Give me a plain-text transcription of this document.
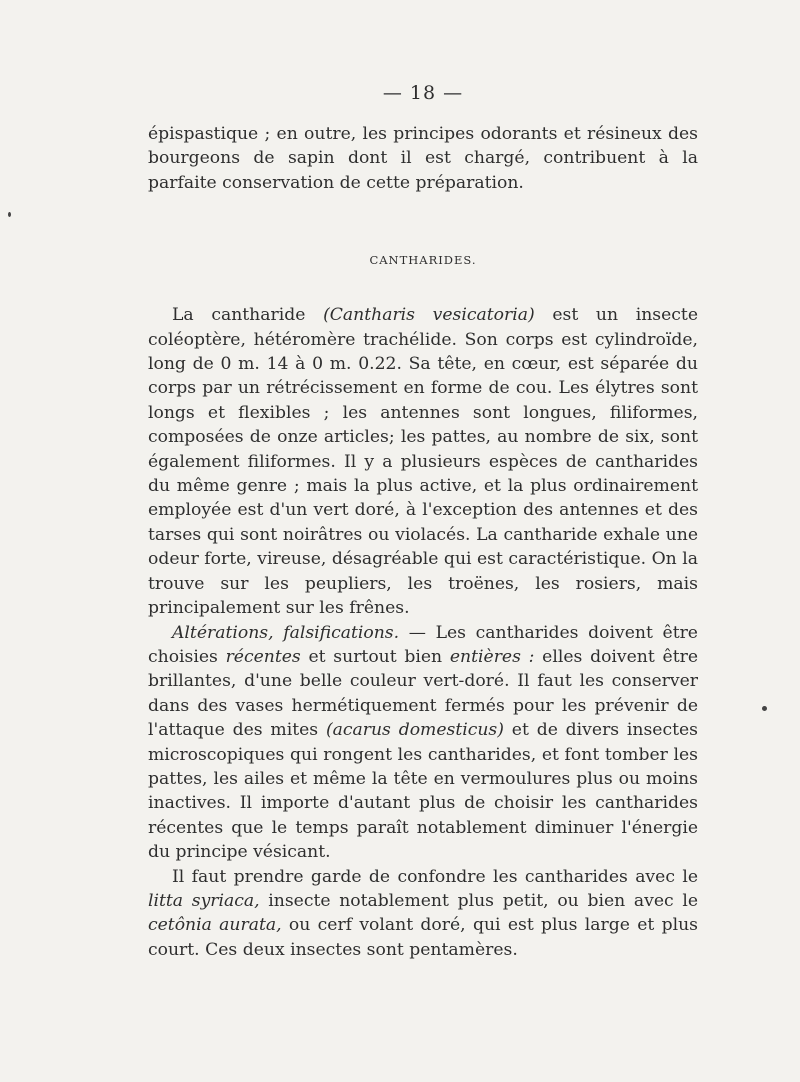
— 18 —

épispastique ; en outre, les principes odorants et résineux des bourgeons de sapin dont il est chargé, contribuent à la parfaite conservation de cette préparation.

CANTHARIDES.

La cantharide (Cantharis vesicatoria) est un insecte coléoptère, hétéromère trachélide. Son corps est cylindroïde, long de 0 m. 14 à 0 m. 0.22. Sa tête, en cœur, est séparée du corps par un rétrécissement en forme de cou. Les élytres sont longs et flexibles ; les antennes sont longues, filiformes, composées de onze articles; les pattes, au nombre de six, sont également filiformes. Il y a plusieurs espèces de cantharides du même genre ; mais la plus active, et la plus ordinairement employée est d'un vert doré, à l'exception des antennes et des tarses qui sont noirâtres ou violacés. La cantharide exhale une odeur forte, vireuse, désagréable qui est caractéristique. On la trouve sur les peupliers, les troënes, les rosiers, mais principalement sur les frênes.

Altérations, falsifications. — Les cantharides doivent être choisies récentes et surtout bien entières : elles doivent être brillantes, d'une belle couleur vert-doré. Il faut les conserver dans des vases hermétiquement fermés pour les prévenir de l'attaque des mites (acarus domesticus) et de divers insectes microscopiques qui rongent les cantharides, et font tomber les pattes, les ailes et même la tête en vermoulures plus ou moins inactives. Il importe d'autant plus de choisir les cantharides récentes que le temps paraît notablement diminuer l'énergie du principe vésicant.

Il faut prendre garde de confondre les cantharides avec le litta syriaca, insecte notablement plus petit, ou bien avec le cetônia aurata, ou cerf volant doré, qui est plus large et plus court. Ces deux insectes sont pentamères.
